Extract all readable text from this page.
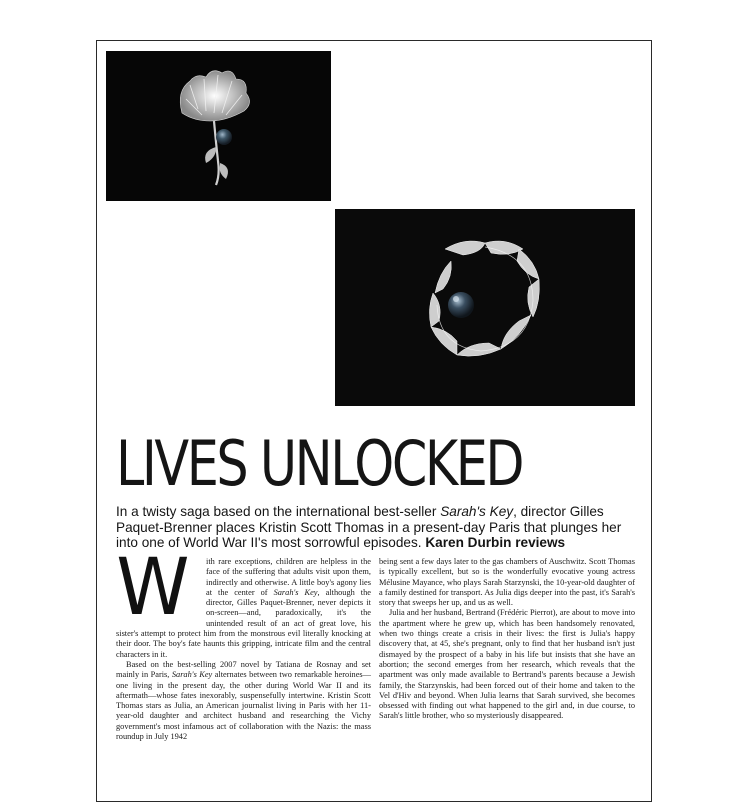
LIVES UNLOCKED
In a twisty saga based on the international best-seller Sarah's Key, director Gilles Paquet-Brenner places Kristin Scott Thomas in a present-day Paris that plunges her into one of World War II's most sorrowful episodes. Karen Durbin reviews

W	ith rare exceptions, children are helpless in the face of the suffering that adults visit upon them, indirectly and otherwise. A little boy's agony lies at the center of Sarah's Key, although the director, Gilles Paquet-Brenner, never depicts it on-screen—and, paradoxically, it's the unintended result of an act of great love, his sister's attempt to protect him from the monstrous evil literally knocking at their door. The boy's fate haunts this gripping, intricate film and the central characters in it.

Based on the best-selling 2007 novel by Tatiana de Rosnay and set mainly in Paris, Sarah's Key alternates between two remarkable heroines—one living in the present day, the other during World War II and its aftermath—whose fates inexorably, suspensefully intertwine. Kristin Scott Thomas stars as Julia, an American journalist living in Paris with her 11-year-old daughter and architect husband and researching the Vichy government's most infamous act of collaboration with the Nazis: the mass roundup in July 1942

being sent a few days later to the gas chambers of Auschwitz. Scott Thomas is typically excellent, but so is the wonderfully evocative young actress Mélusine Mayance, who plays Sarah Starzynski, the 10-year-old daughter of a family destined for transport. As Julia digs deeper into the past, it's Sarah's story that sweeps her up, and us as well.

Julia and her husband, Bertrand (Frédéric Pierrot), are about to move into the apartment where he grew up, which has been handsomely renovated, when two things create a crisis in their lives: the first is Julia's happy discovery that, at 45, she's pregnant, only to find that her husband isn't just dismayed by the prospect of a baby in his life but insists that she have an abortion; the second emerges from her research, which reveals that the apartment was only made available to Bertrand's parents because a Jewish family, the Starzynskis, had been forced out of their home and taken to the Vel d'Hiv and beyond. When Julia learns that Sarah survived, she becomes obsessed with finding out what happened to the girl and, in due course, to Sarah's little brother, who so mysteriously disappeared.
